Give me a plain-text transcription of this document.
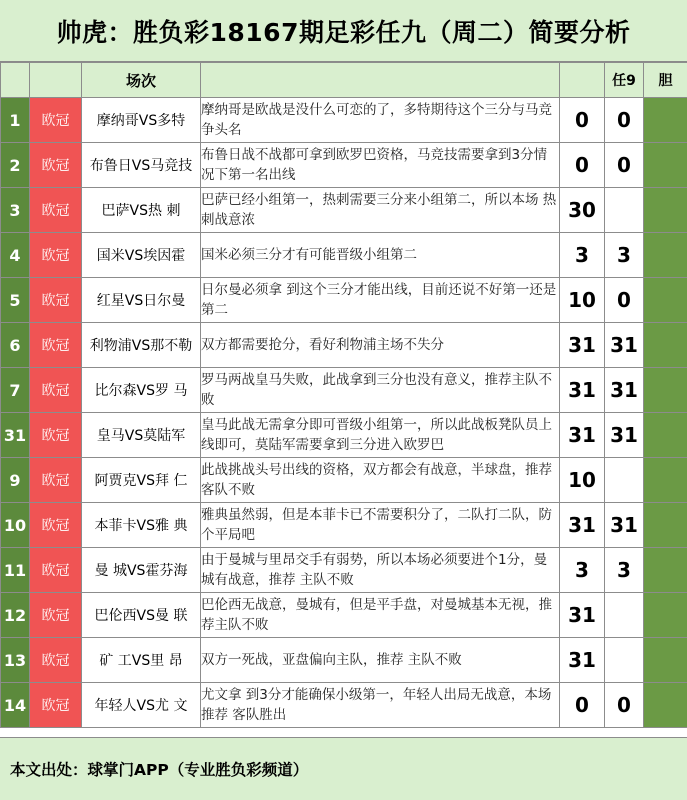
帅虎：胜负彩18167期足彩任九（周二）简要分析
		场次			任9	胆
1	欧冠	摩纳哥VS多特	摩纳哥是欧战是没什么可恋的了，多特期待这个三分与马竞争头名	0	0	
2	欧冠	布鲁日VS马竞技	布鲁日战不战都可拿到欧罗巴资格，马竞技需要拿到3分情况下第一名出线	0	0	
3	欧冠	巴萨VS热 刺	巴萨已经小组第一，热刺需要三分来小组第二，所以本场 热刺战意浓	30		
4	欧冠	国米VS埃因霍	国米必须三分才有可能晋级小组第二	3	3	
5	欧冠	红星VS日尔曼	日尔曼必须拿 到这个三分才能出线，目前还说不好第一还是第二	10	0	
6	欧冠	利物浦VS那不勒	双方都需要抢分，看好利物浦主场不失分	31	31	
7	欧冠	比尔森VS罗 马	罗马两战皇马失败，此战拿到三分也没有意义，推荐主队不败	31	31	
31	欧冠	皇马VS莫陆军	皇马此战无需拿分即可晋级小组第一，所以此战板凳队员上线即可，莫陆军需要拿到三分进入欧罗巴	31	31	
9	欧冠	阿贾克VS拜 仁	此战挑战头号出线的资格，双方都会有战意，半球盘，推荐 客队不败	10		
10	欧冠	本菲卡VS雅 典	雅典虽然弱，但是本菲卡已不需要积分了，二队打二队，防个平局吧	31	31	
11	欧冠	曼 城VS霍芬海	由于曼城与里昂交手有弱势，所以本场必须要进个1分，曼城有战意，推荐 主队不败	3	3	
12	欧冠	巴伦西VS曼 联	巴伦西无战意，曼城有，但是平手盘，对曼城基本无视，推荐主队不败	31		
13	欧冠	矿 工VS里 昂	双方一死战，亚盘偏向主队，推荐 主队不败	31		
14	欧冠	年轻人VS尤 文	尤文拿 到3分才能确保小级第一，年轻人出局无战意，本场推荐 客队胜出	0	0	
本文出处：球掌门APP（专业胜负彩频道）
